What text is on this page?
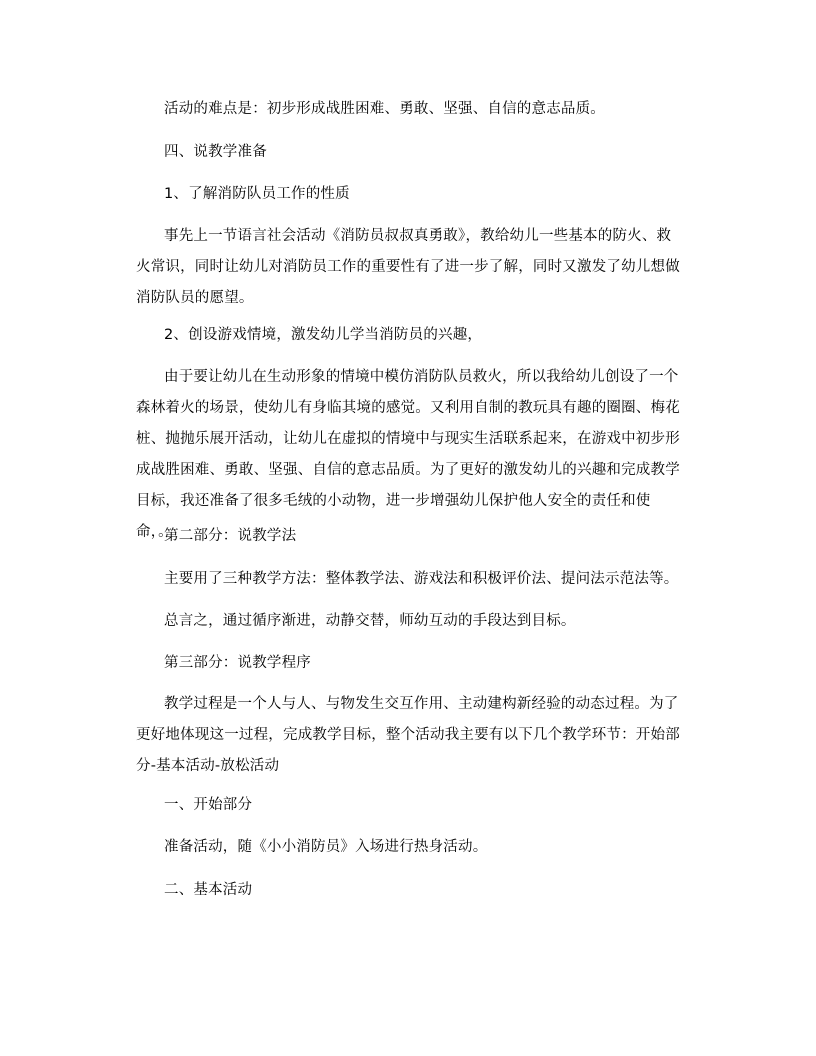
活动的难点是：初步形成战胜困难、勇敢、坚强、自信的意志品质。

四、说教学准备

1、了解消防队员工作的性质

事先上一节语言社会活动《消防员叔叔真勇敢》，教给幼儿一些基本的防火、救火常识，同时让幼儿对消防员工作的重要性有了进一步了解，同时又激发了幼儿想做消防队员的愿望。

2、创设游戏情境，激发幼儿学当消防员的兴趣，

由于要让幼儿在生动形象的情境中模仿消防队员救火，所以我给幼儿创设了一个森林着火的场景，使幼儿有身临其境的感觉。又利用自制的教玩具有趣的圈圈、梅花桩、抛抛乐展开活动，让幼儿在虚拟的情境中与现实生活联系起来，在游戏中初步形成战胜困难、勇敢、坚强、自信的意志品质。为了更好的激发幼儿的兴趣和完成教学目标，我还准备了很多毛绒的小动物，进一步增强幼儿保护他人安全的责任和使命，。

第二部分：说教学法

主要用了三种教学方法：整体教学法、游戏法和积极评价法、提问法示范法等。

总言之，通过循序渐进，动静交替，师幼互动的手段达到目标。

第三部分：说教学程序

教学过程是一个人与人、与物发生交互作用、主动建构新经验的动态过程。为了更好地体现这一过程，完成教学目标，整个活动我主要有以下几个教学环节：开始部分-基本活动-放松活动

一、开始部分

准备活动，随《小小消防员》入场进行热身活动。

二、基本活动
